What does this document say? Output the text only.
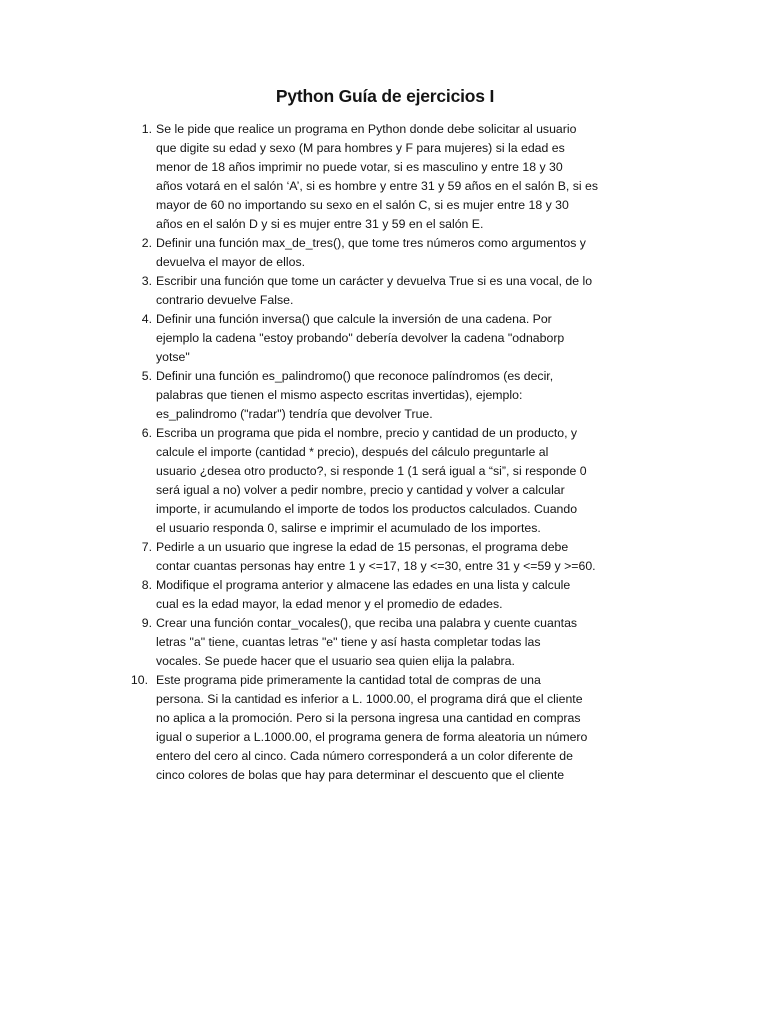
Python Guía de ejercicios I
1. Se le pide que realice un programa en Python donde debe solicitar al usuario
que digite su edad y sexo (M para hombres y F para mujeres) si la edad es
menor de 18 años imprimir no puede votar, si es masculino y entre 18 y 30
años votará en el salón ‘A’, si es hombre y entre 31 y 59 años en el salón B, si es
mayor de 60 no importando su sexo en el salón C, si es mujer entre 18 y 30
años en el salón D y si es mujer entre 31 y 59 en el salón E.
2. Definir una función max_de_tres(), que tome tres números como argumentos y
devuelva el mayor de ellos.
3. Escribir una función que tome un carácter y devuelva True si es una vocal, de lo
contrario devuelve False.
4. Definir una función inversa() que calcule la inversión de una cadena. Por
ejemplo la cadena "estoy probando" debería devolver la cadena "odnaborp
yotse"
5. Definir una función es_palindromo() que reconoce palíndromos (es decir,
palabras que tienen el mismo aspecto escritas invertidas), ejemplo:
es_palindromo ("radar") tendría que devolver True.
6. Escriba un programa que pida el nombre, precio y cantidad de un producto, y
calcule el importe (cantidad * precio), después del cálculo preguntarle al
usuario ¿desea otro producto?, si responde 1 (1 será igual a “si”, si responde 0
será igual a no) volver a pedir nombre, precio y cantidad y volver a calcular
importe, ir acumulando el importe de todos los productos calculados. Cuando
el usuario responda 0, salirse e imprimir el acumulado de los importes.
7. Pedirle a un usuario que ingrese la edad de 15 personas, el programa debe
contar cuantas personas hay entre 1 y <=17, 18 y <=30, entre 31 y <=59 y >=60.
8. Modifique el programa anterior y almacene las edades en una lista y calcule
cual es la edad mayor, la edad menor y el promedio de edades.
9. Crear una función contar_vocales(), que reciba una palabra y cuente cuantas
letras "a" tiene, cuantas letras "e" tiene y así hasta completar todas las
vocales. Se puede hacer que el usuario sea quien elija la palabra.
10. Este programa pide primeramente la cantidad total de compras de una
persona. Si la cantidad es inferior a L. 1000.00, el programa dirá que el cliente
no aplica a la promoción. Pero si la persona ingresa una cantidad en compras
igual o superior a L.1000.00, el programa genera de forma aleatoria un número
entero del cero al cinco. Cada número corresponderá a un color diferente de
cinco colores de bolas que hay para determinar el descuento que el cliente
